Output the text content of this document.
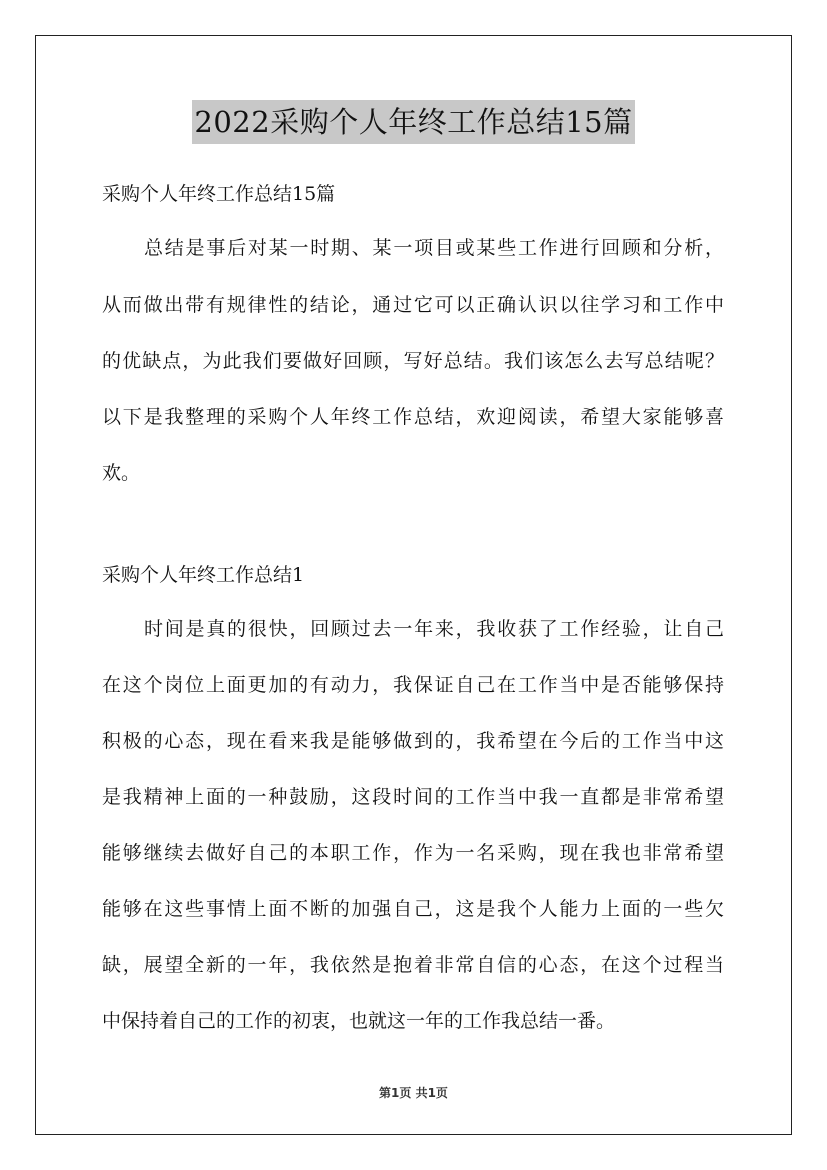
2022采购个人年终工作总结15篇
采购个人年终工作总结15篇
总结是事后对某一时期、某一项目或某些工作进行回顾和分析，
从而做出带有规律性的结论，通过它可以正确认识以往学习和工作中
的优缺点，为此我们要做好回顾，写好总结。我们该怎么去写总结呢？
以下是我整理的采购个人年终工作总结，欢迎阅读，希望大家能够喜
欢。
采购个人年终工作总结1
时间是真的很快，回顾过去一年来，我收获了工作经验，让自己
在这个岗位上面更加的有动力，我保证自己在工作当中是否能够保持
积极的心态，现在看来我是能够做到的，我希望在今后的工作当中这
是我精神上面的一种鼓励，这段时间的工作当中我一直都是非常希望
能够继续去做好自己的本职工作，作为一名采购，现在我也非常希望
能够在这些事情上面不断的加强自己，这是我个人能力上面的一些欠
缺，展望全新的一年，我依然是抱着非常自信的心态，在这个过程当
中保持着自己的工作的初衷，也就这一年的工作我总结一番。
第1页 共1页
